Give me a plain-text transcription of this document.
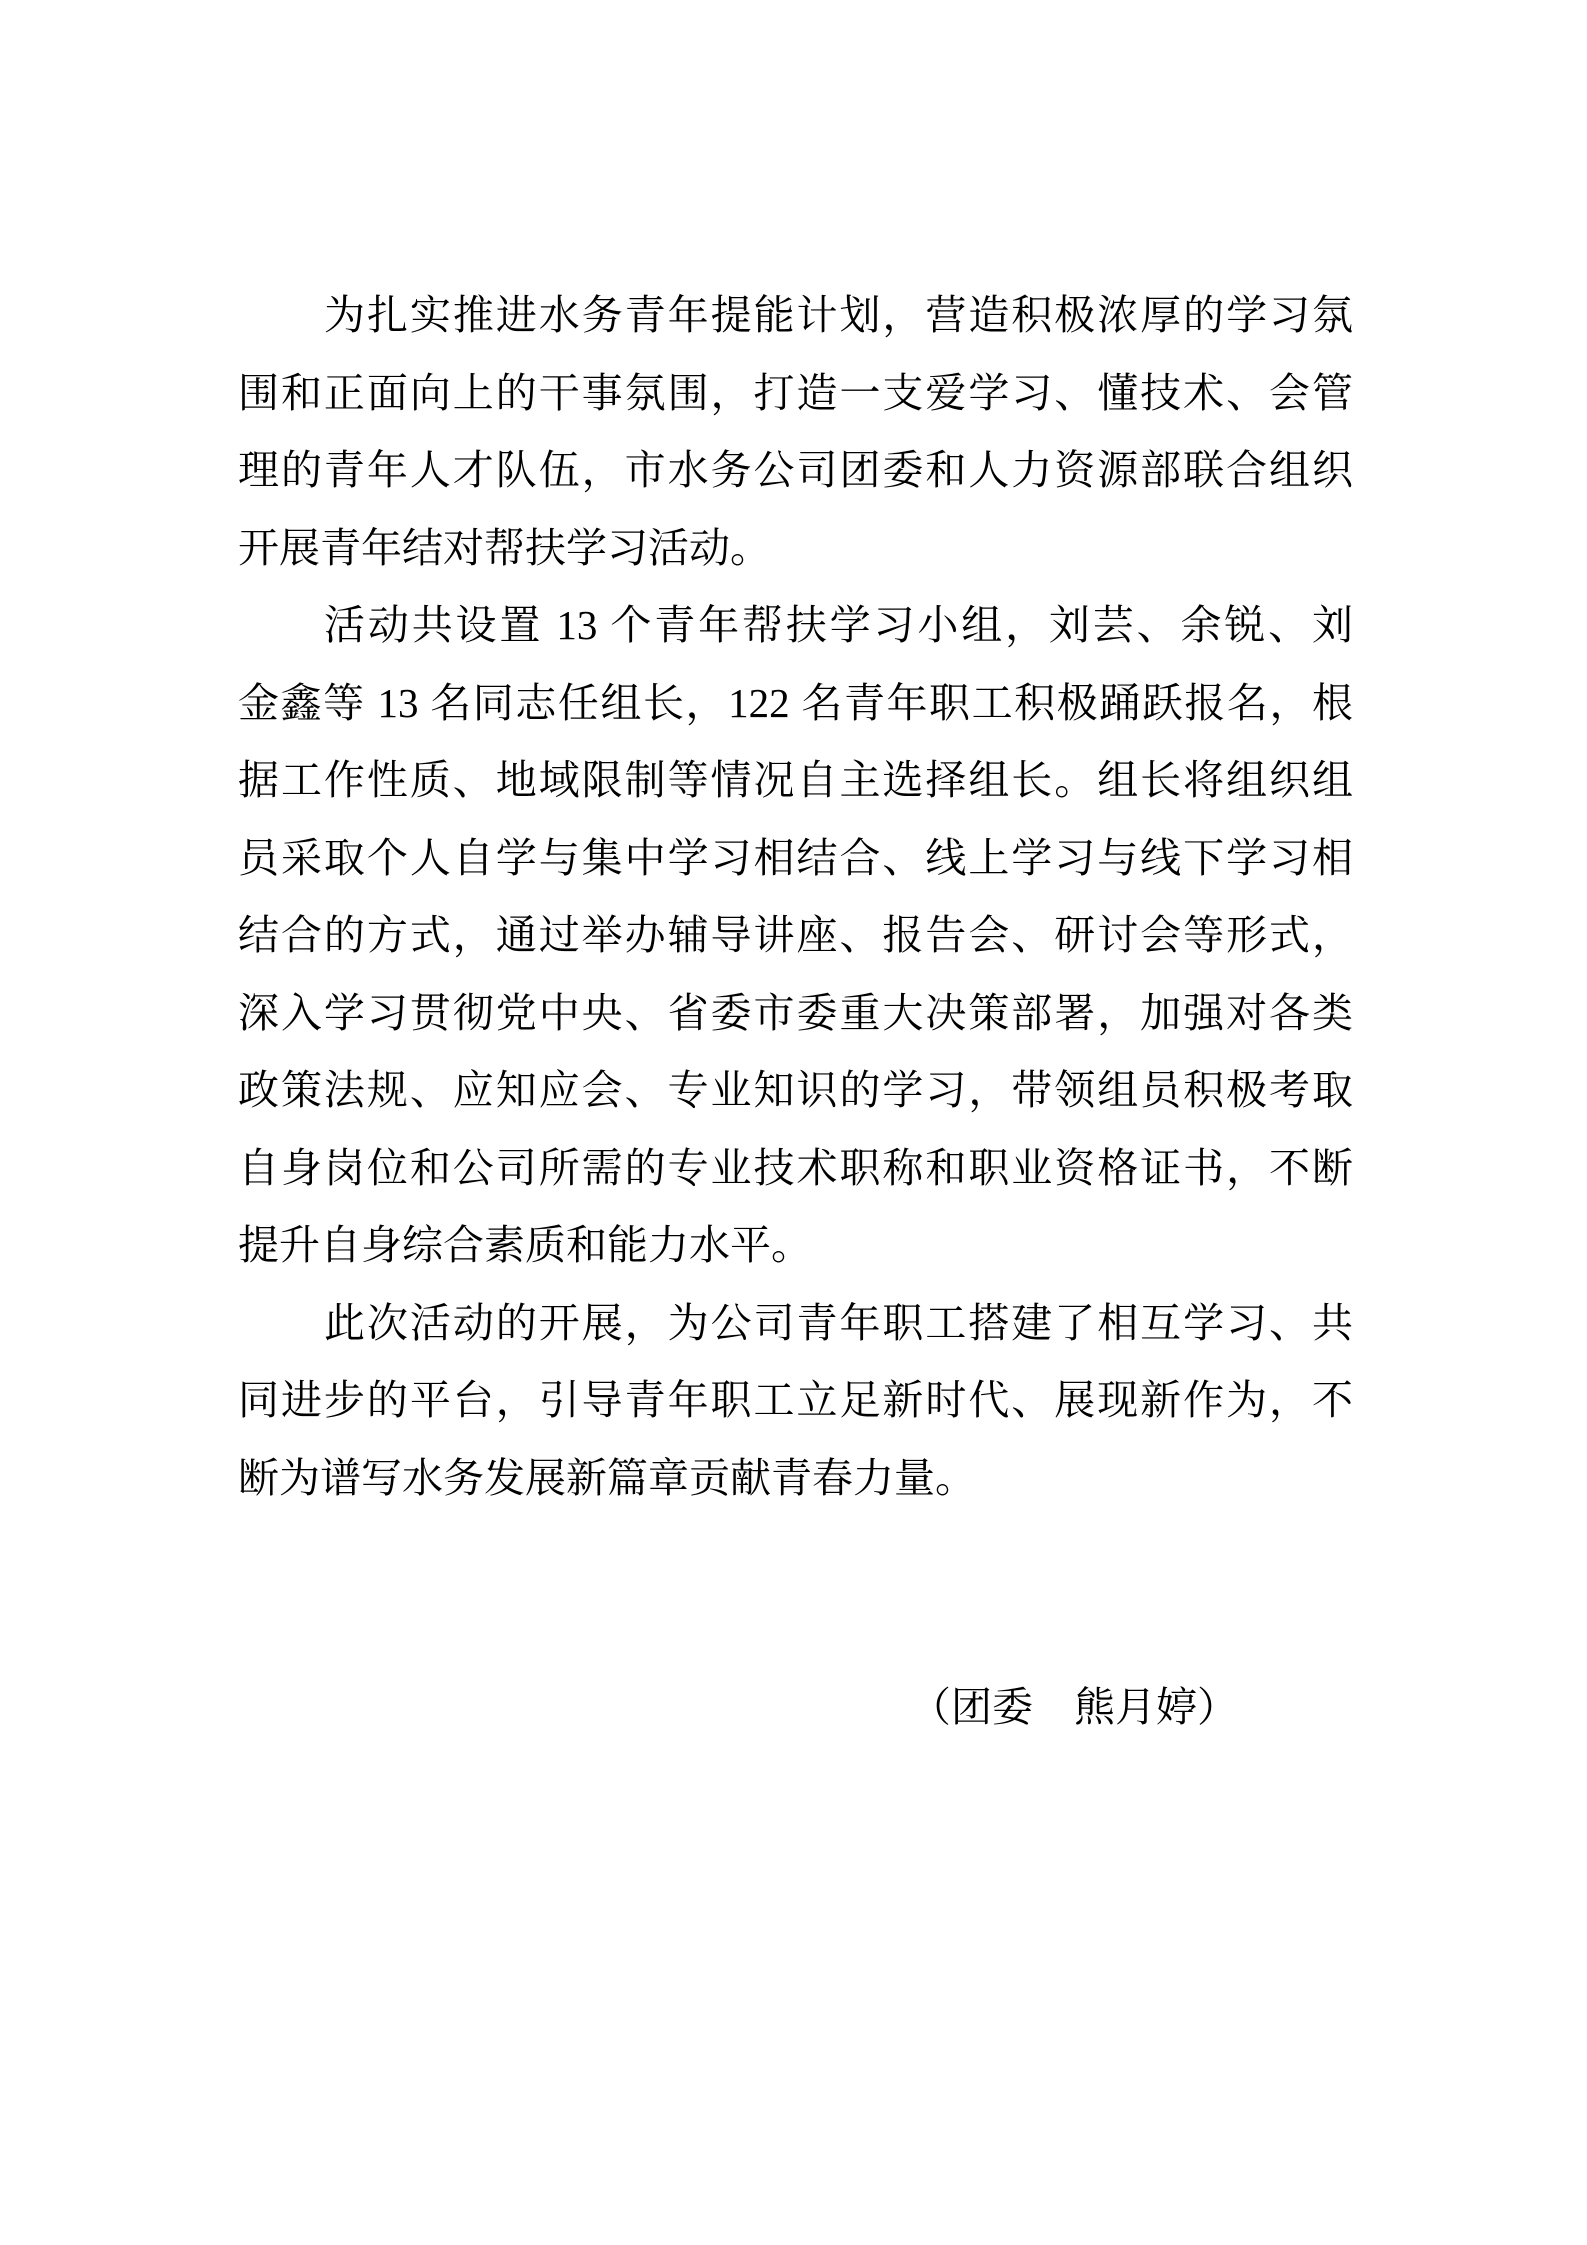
为扎实推进水务青年提能计划，营造积极浓厚的学习氛
围和正面向上的干事氛围，打造一支爱学习、懂技术、会管
理的青年人才队伍，市水务公司团委和人力资源部联合组织
开展青年结对帮扶学习活动。
活动共设置 13 个青年帮扶学习小组，刘芸、余锐、刘
金鑫等 13 名同志任组长，122 名青年职工积极踊跃报名，根
据工作性质、地域限制等情况自主选择组长。组长将组织组
员采取个人自学与集中学习相结合、线上学习与线下学习相
结合的方式，通过举办辅导讲座、报告会、研讨会等形式，
深入学习贯彻党中央、省委市委重大决策部署，加强对各类
政策法规、应知应会、专业知识的学习，带领组员积极考取
自身岗位和公司所需的专业技术职称和职业资格证书，不断
提升自身综合素质和能力水平。
此次活动的开展，为公司青年职工搭建了相互学习、共
同进步的平台，引导青年职工立足新时代、展现新作为，不
断为谱写水务发展新篇章贡献青春力量。
（团委　熊月婷）
